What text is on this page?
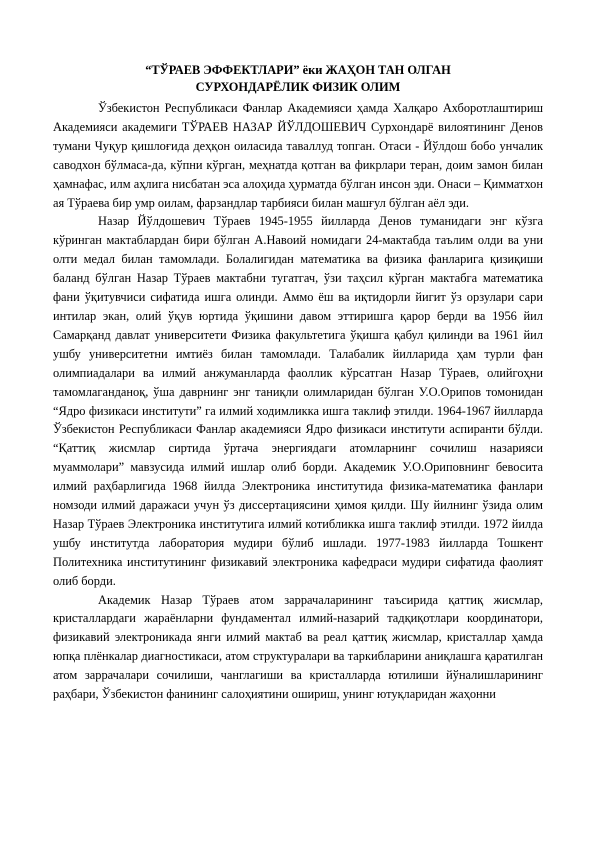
“ТЎРАЕВ ЭФФЕКТЛАРИ” ёки ЖАҲОН ТАН ОЛГАН
СУРХОНДАРЁЛИК ФИЗИК ОЛИМ

Ўзбекистон Республикаси Фанлар Академияси ҳамда Халқаро Ахборотлаштириш Академияси академиги ТЎРАЕВ НАЗАР ЙЎЛДОШЕВИЧ Сурхондарё вилоятининг Денов тумани Чуқур қишлоғида деҳқон оиласида таваллуд топган. Отаси - Йўлдош бобо унчалик саводхон бўлмаса-да, кўпни кўрган, меҳнатда қотган ва фикрлари теран, доим замон билан ҳамнафас, илм аҳлига нисбатан эса алоҳида ҳурматда бўлган инсон эди. Онаси – Қимматхон ая Тўраева бир умр оилам, фарзандлар тарбияси билан машғул бўлган аёл эди.

Назар Йўлдошевич Тўраев 1945-1955 йилларда Денов туманидаги энг кўзга кўринган мактаблардан бири бўлган А.Навоий номидаги 24-мактабда таълим олди ва уни олти медал билан тамомлади. Болалигидан математика ва физика фанларига қизиқиши баланд бўлган Назар Тўраев мактабни тугатгач, ўзи таҳсил кўрган мактабга математика фани ўқитувчиси сифатида ишга олинди. Аммо ёш ва иқтидорли йигит ўз орзулари сари интилар экан, олий ўқув юртида ўқишини давом эттиришга қарор берди ва 1956 йил Самарқанд давлат университети Физика факультетига ўқишга қабул қилинди ва 1961 йил ушбу университетни имтиёз билан тамомлади. Талабалик йилларида ҳам турли фан олимпиадалари ва илмий анжуманларда фаоллик кўрсатган Назар Тўраев, олийгоҳни тамомлаганданоқ, ўша даврнинг энг таниқли олимларидан бўлган У.О.Орипов томонидан “Ядро физикаси институти” га илмий ходимликка ишга таклиф этилди. 1964-1967 йилларда Ўзбекистон Республикаси Фанлар академияси Ядро физикаси институти аспиранти бўлди. “Қаттиқ жисмлар сиртида ўртача энергиядаги атомларнинг сочилиш назарияси муаммолари” мавзусида илмий ишлар олиб борди. Академик У.О.Ориповнинг бевосита илмий раҳбарлигида 1968 йилда Электроника институтида физика-математика фанлари номзоди илмий даражаси учун ўз диссертациясини ҳимоя қилди. Шу йилнинг ўзида олим Назар Тўраев Электроника институтига илмий котибликка ишга таклиф этилди. 1972 йилда ушбу институтда лаборатория мудири бўлиб ишлади. 1977-1983 йилларда Тошкент Политехника институтининг физикавий электроника кафедраси мудири сифатида фаолият олиб борди.

Академик Назар Тўраев атом заррачаларининг таъсирида қаттиқ жисмлар, кристаллардаги жараёнларни фундаментал илмий-назарий тадқиқотлари координатори, физикавий электроникада янги илмий мактаб ва реал қаттиқ жисмлар, кристаллар ҳамда юпқа плёнкалар диагностикаси, атом структуралари ва таркибларини аниқлашга қаратилган атом заррачалари сочилиши, чанглагиши ва кристалларда ютилиши йўналишларининг раҳбари, Ўзбекистон фанининг салоҳиятини ошириш, унинг ютуқларидан жаҳонни
